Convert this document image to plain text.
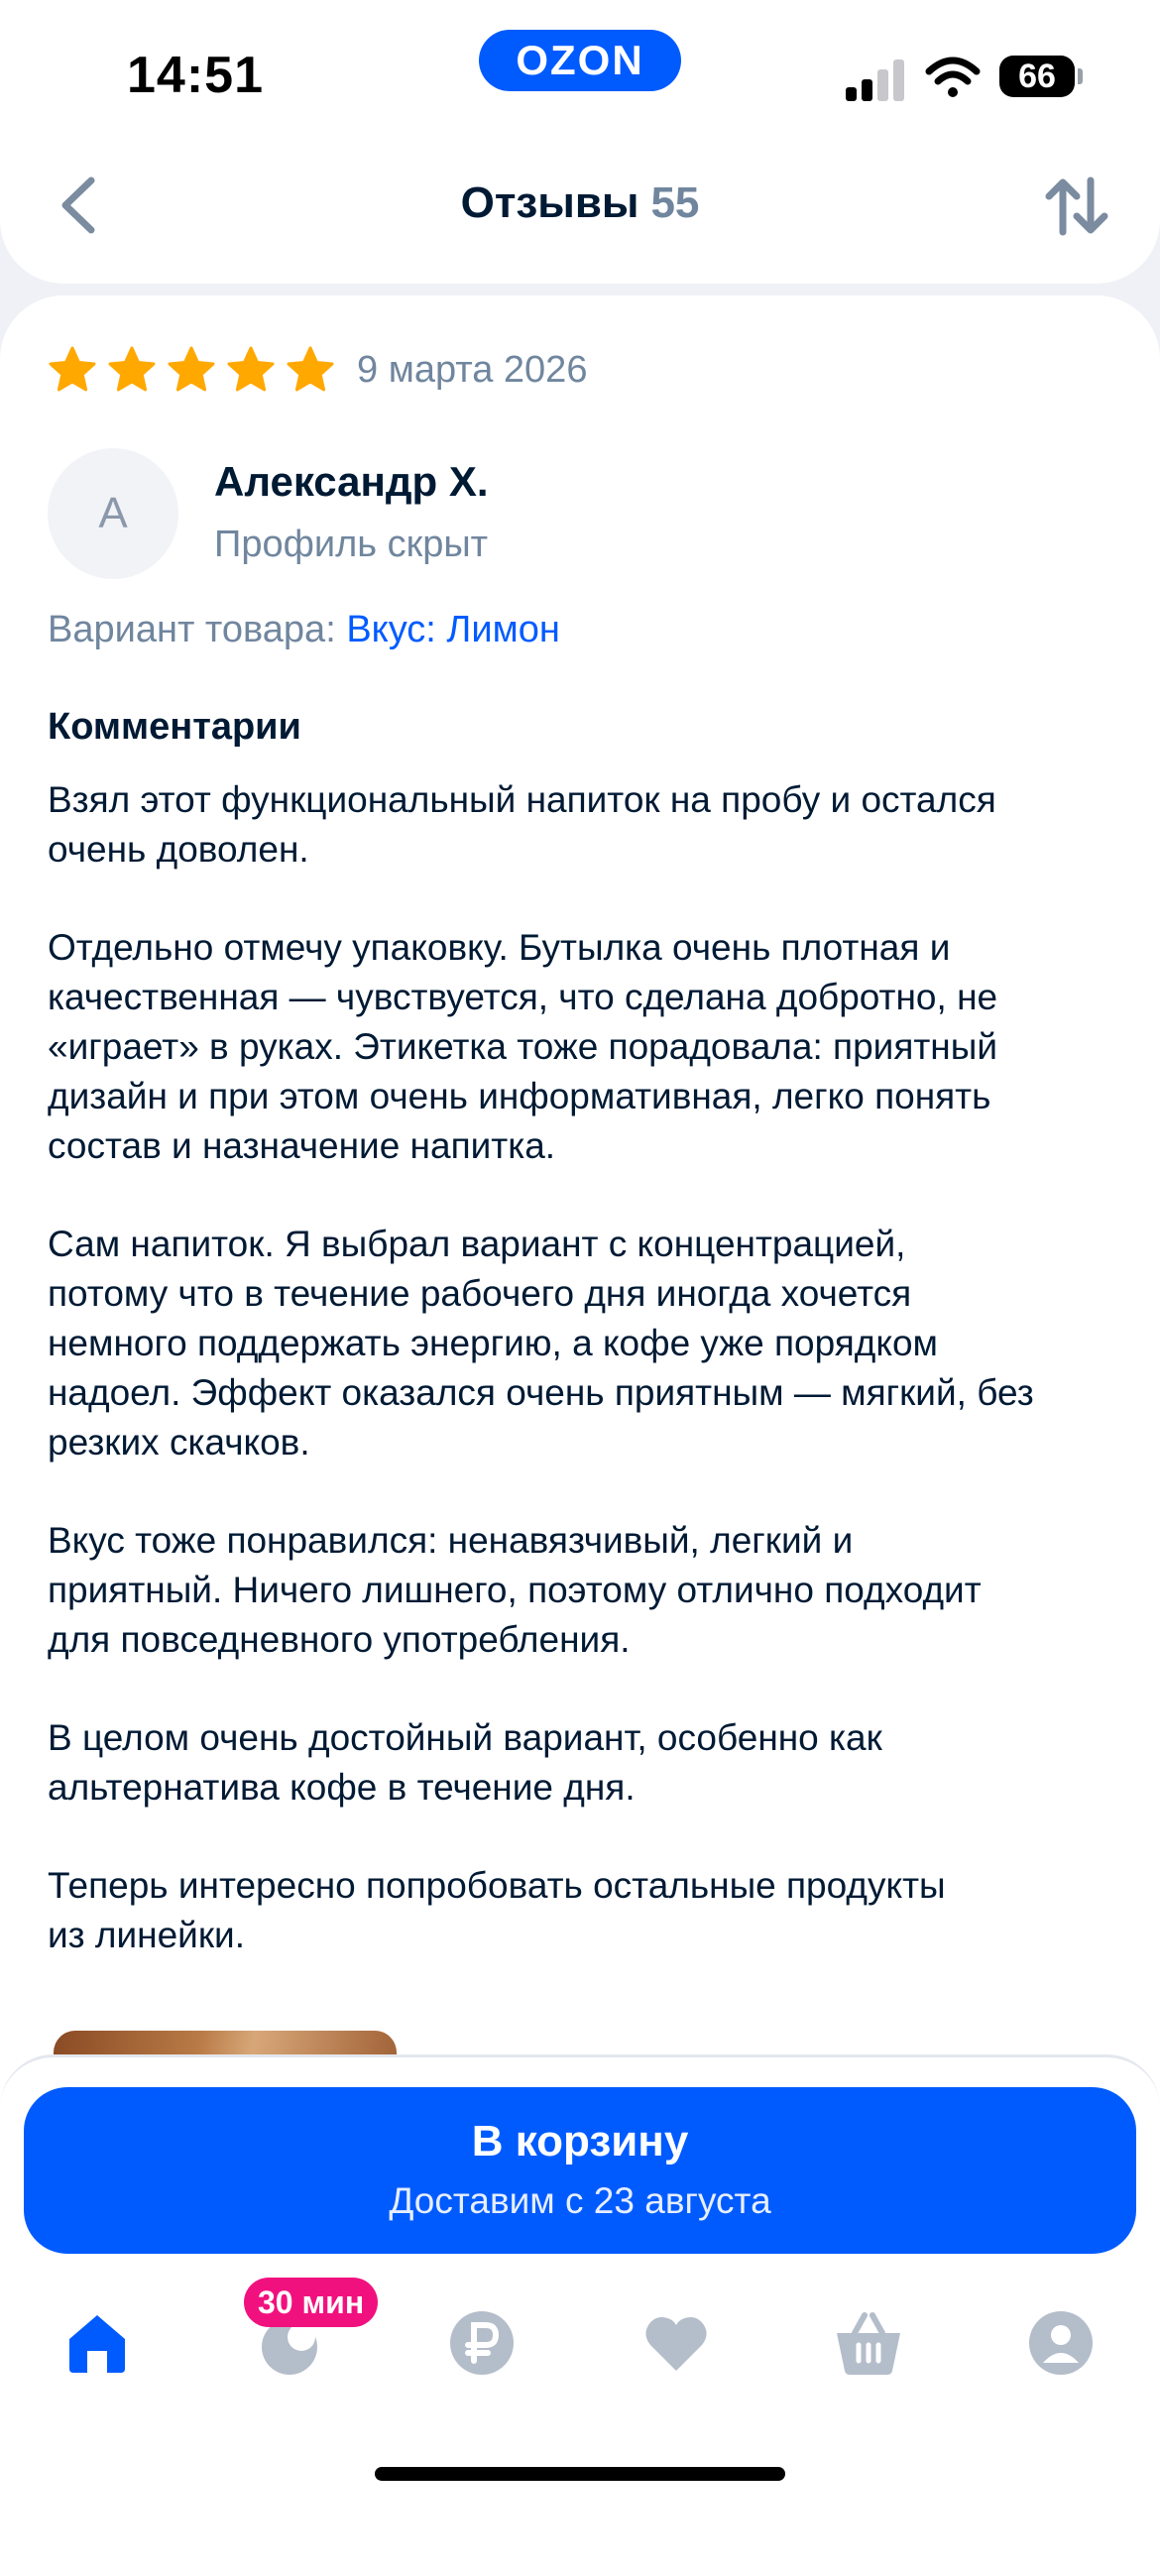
14:51	OZON	66
Отзывы 55
9 марта 2026
А
Александр Х.
Профиль скрыт
Вариант товара: Вкус: Лимон
Комментарии

Взял этот функциональный напиток на пробу и остался
очень доволен.

Отдельно отмечу упаковку. Бутылка очень плотная и
качественная — чувствуется, что сделана добротно, не
«играет» в руках. Этикетка тоже порадовала: приятный
дизайн и при этом очень информативная, легко понять
состав и назначение напитка.

Сам напиток. Я выбрал вариант с концентрацией,
потому что в течение рабочего дня иногда хочется
немного поддержать энергию, а кофе уже порядком
надоел. Эффект оказался очень приятным — мягкий, без
резких скачков.

Вкус тоже понравился: ненавязчивый, легкий и
приятный. Ничего лишнего, поэтому отлично подходит
для повседневного употребления.

В целом очень достойный вариант, особенно как
альтернатива кофе в течение дня.

Теперь интересно попробовать остальные продукты
из линейки.

В корзину
Доставим с 23 августа
30 мин
